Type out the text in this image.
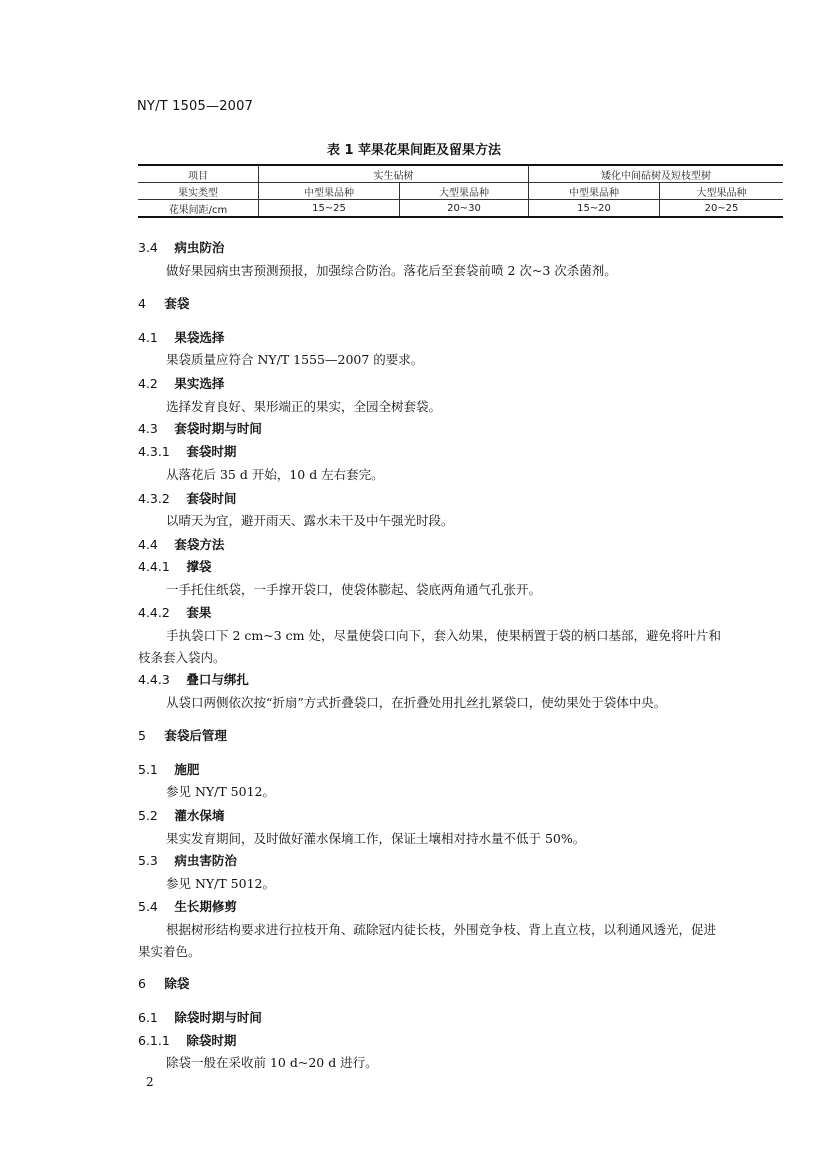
NY/T 1505—2007
表 1 苹果花果间距及留果方法
项目	实生砧树		矮化中间砧树及短枝型树	
果实类型	中型果品种	大型果品种	中型果品种	大型果品种
花果间距/cm	15~25	20~30	15~20	20~25
3.4 病虫防治
做好果园病虫害预测预报，加强综合防治。落花后至套袋前喷 2 次~3 次杀菌剂。
4 套袋
4.1 果袋选择
果袋质量应符合 NY/T 1555—2007 的要求。
4.2 果实选择
选择发育良好、果形端正的果实，全园全树套袋。
4.3 套袋时期与时间
4.3.1 套袋时期
从落花后 35 d 开始，10 d 左右套完。
4.3.2 套袋时间
以晴天为宜，避开雨天、露水未干及中午强光时段。
4.4 套袋方法
4.4.1 撑袋
一手托住纸袋，一手撑开袋口，使袋体膨起、袋底两角通气孔张开。
4.4.2 套果
手执袋口下 2 cm~3 cm 处，尽量使袋口向下，套入幼果，使果柄置于袋的柄口基部，避免将叶片和
枝条套入袋内。
4.4.3 叠口与绑扎
从袋口两侧依次按“折扇”方式折叠袋口，在折叠处用扎丝扎紧袋口，使幼果处于袋体中央。
5 套袋后管理
5.1 施肥
参见 NY/T 5012。
5.2 灌水保墒
果实发育期间，及时做好灌水保墒工作，保证土壤相对持水量不低于 50%。
5.3 病虫害防治
参见 NY/T 5012。
5.4 生长期修剪
根据树形结构要求进行拉枝开角、疏除冠内徒长枝，外围竞争枝、背上直立枝，以利通风透光，促进
果实着色。
6 除袋
6.1 除袋时期与时间
6.1.1 除袋时期
除袋一般在采收前 10 d~20 d 进行。
2
